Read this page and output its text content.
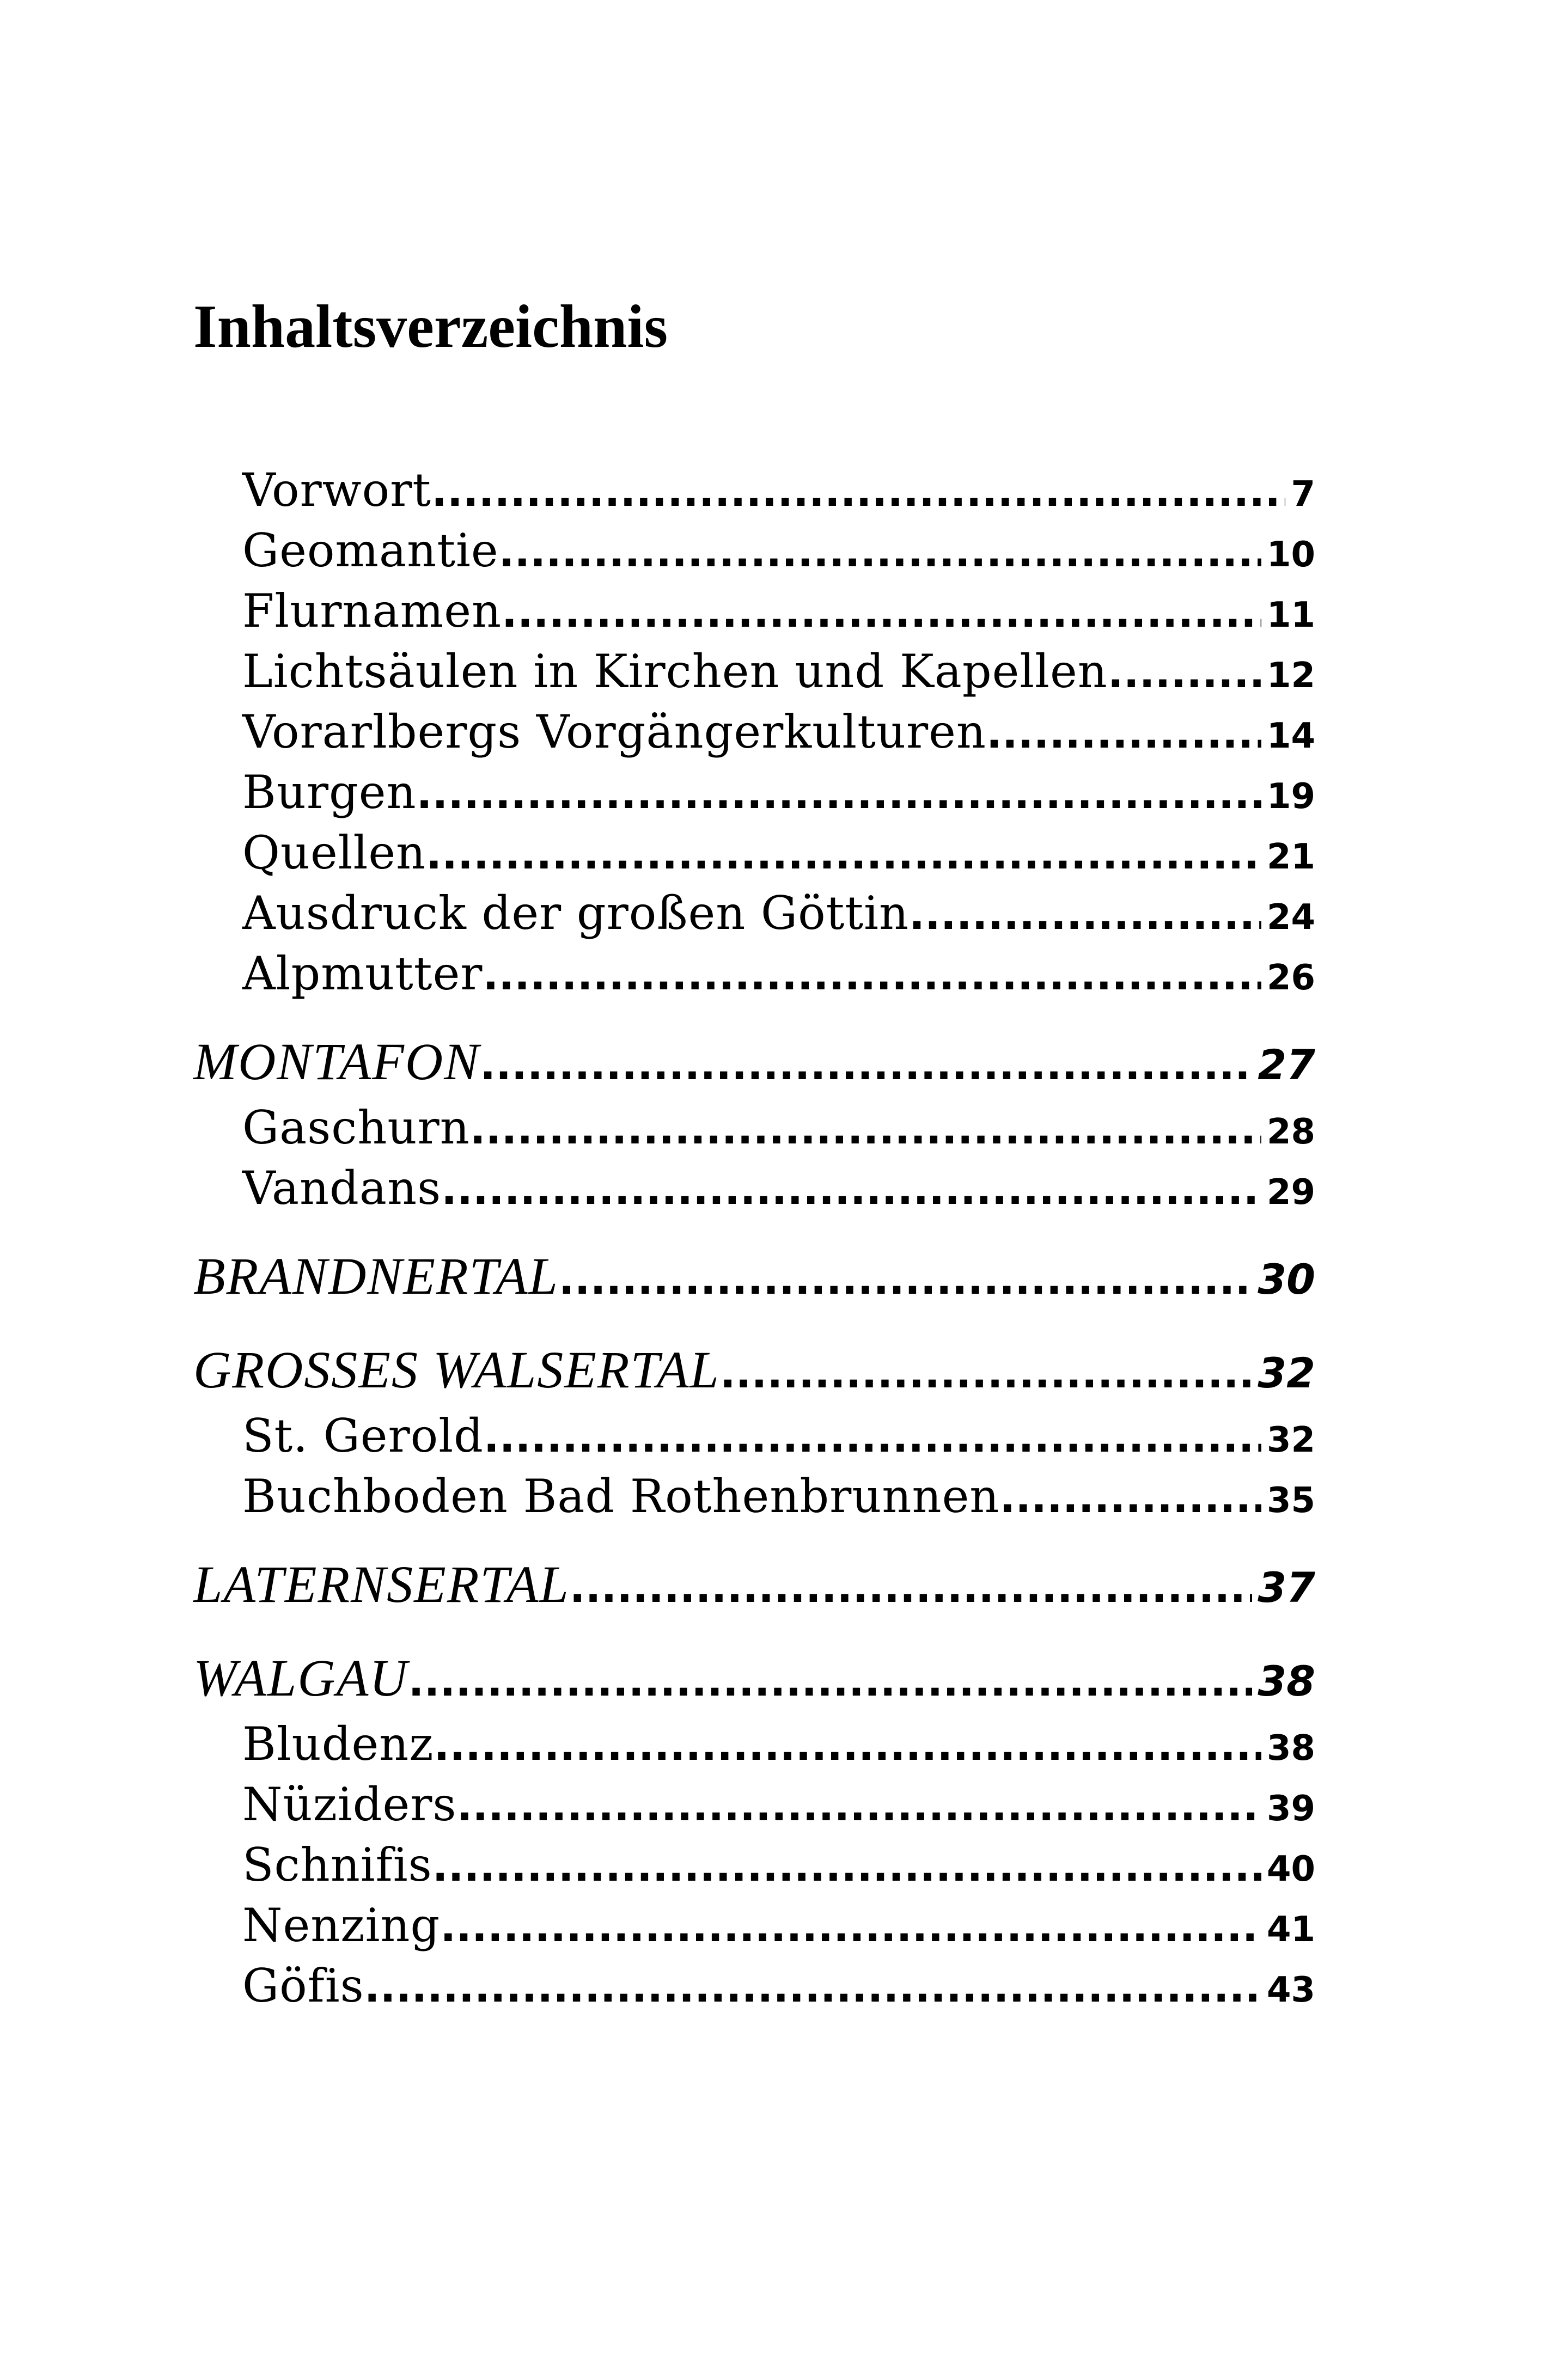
Inhaltsverzeichnis
Vorwort .....	7
Geomantie .....	10
Flurnamen .....	11
Lichtsäulen in Kirchen und Kapellen .....	12
Vorarlbergs Vorgängerkulturen .....	14
Burgen .....	19
Quellen .....	21
Ausdruck der großen Göttin .....	24
Alpmutter .....	26
MONTAFON .....	27
Gaschurn .....	28
Vandans .....	29
BRANDNERTAL .....	30
GROSSES WALSERTAL .....	32
St. Gerold .....	32
Buchboden Bad Rothenbrunnen .....	35
LATERNSERTAL .....	37
WALGAU .....	38
Bludenz .....	38
Nüziders .....	39
Schnifis .....	40
Nenzing .....	41
Göfis .....	43
